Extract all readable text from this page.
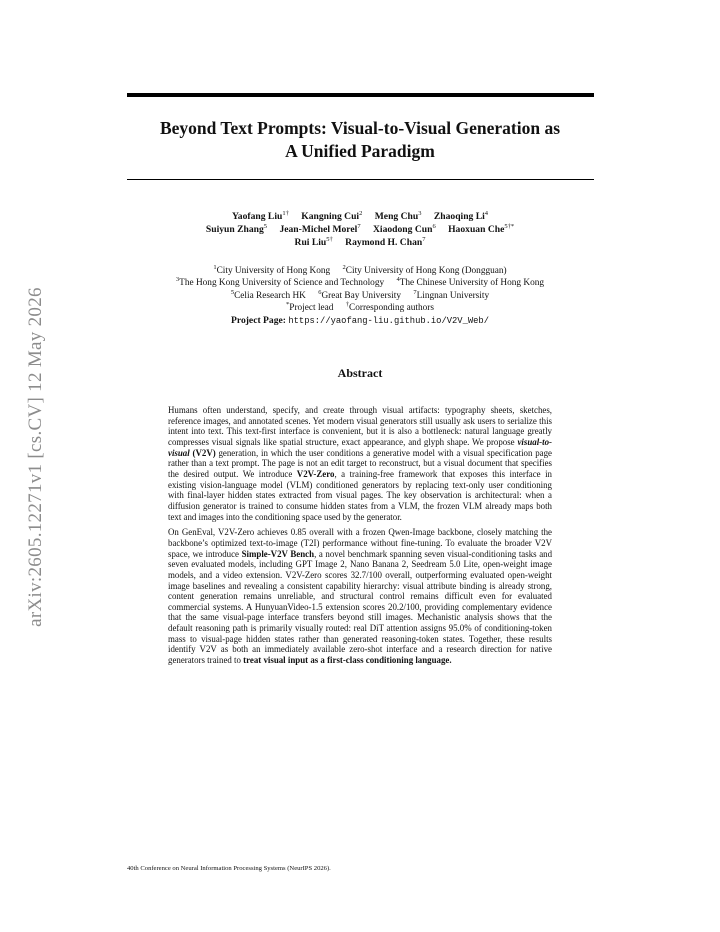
arXiv:2605.12271v1 [cs.CV] 12 May 2026
Beyond Text Prompts: Visual-to-Visual Generation as
A Unified Paradigm
Yaofang Liu$^{1\dagger}$ Kangning Cui$^2$ Meng Chu$^3$ Zhaoqing Li$^4$
Suiyun Zhang$^5$ Jean-Michel Morel$^7$ Xiaodong Cun$^6$ Haoxuan Che$^{5\dagger*}$
Rui Liu$^{5\dagger}$ Raymond H. Chan$^7$
$^1$City University of Hong Kong $^2$City University of Hong Kong (Dongguan)
$^3$The Hong Kong University of Science and Technology $^4$The Chinese University of Hong Kong
$^5$Celia Research HK $^6$Great Bay University $^7$Lingnan University
*Project lead †Corresponding authors
Project Page: https://yaofang-liu.github.io/V2V_Web/
Abstract

Humans often understand, specify, and create through visual artifacts: typography sheets, sketches, reference images, and annotated scenes. Yet modern visual generators still usually ask users to serialize this intent into text. This text-first interface is convenient, but it is also a bottleneck: natural language greatly compresses visual signals like spatial structure, exact appearance, and glyph shape. We propose visual-to-visual (V2V) generation, in which the user conditions a generative model with a visual specification page rather than a text prompt. The page is not an edit target to reconstruct, but a visual document that specifies the desired output. We introduce V2V-Zero, a training-free framework that exposes this interface in existing vision-language model (VLM) conditioned generators by replacing text-only user conditioning with final-layer hidden states extracted from visual pages. The key observation is architectural: when a diffusion generator is trained to consume hidden states from a VLM, the frozen VLM already maps both text and images into the conditioning space used by the generator.

On GenEval, V2V-Zero achieves 0.85 overall with a frozen Qwen-Image backbone, closely matching the backbone’s optimized text-to-image (T2I) performance without fine-tuning. To evaluate the broader V2V space, we introduce Simple-V2V Bench, a novel benchmark spanning seven visual-conditioning tasks and seven evaluated models, including GPT Image 2, Nano Banana 2, Seedream 5.0 Lite, open-weight image models, and a video extension. V2V-Zero scores 32.7/100 overall, outperforming evaluated open-weight image baselines and revealing a consistent capability hierarchy: visual attribute binding is already strong, content generation remains unreliable, and structural control remains difficult even for evaluated commercial systems. A HunyuanVideo-1.5 extension scores 20.2/100, providing complementary evidence that the same visual-page interface transfers beyond still images. Mechanistic analysis shows that the default reasoning path is primarily visually routed: real DiT attention assigns 95.0% of conditioning-token mass to visual-page hidden states rather than generated reasoning-token states. Together, these results identify V2V as both an immediately available zero-shot interface and a research direction for native generators trained to treat visual input as a first-class conditioning language.

40th Conference on Neural Information Processing Systems (NeurIPS 2026).
